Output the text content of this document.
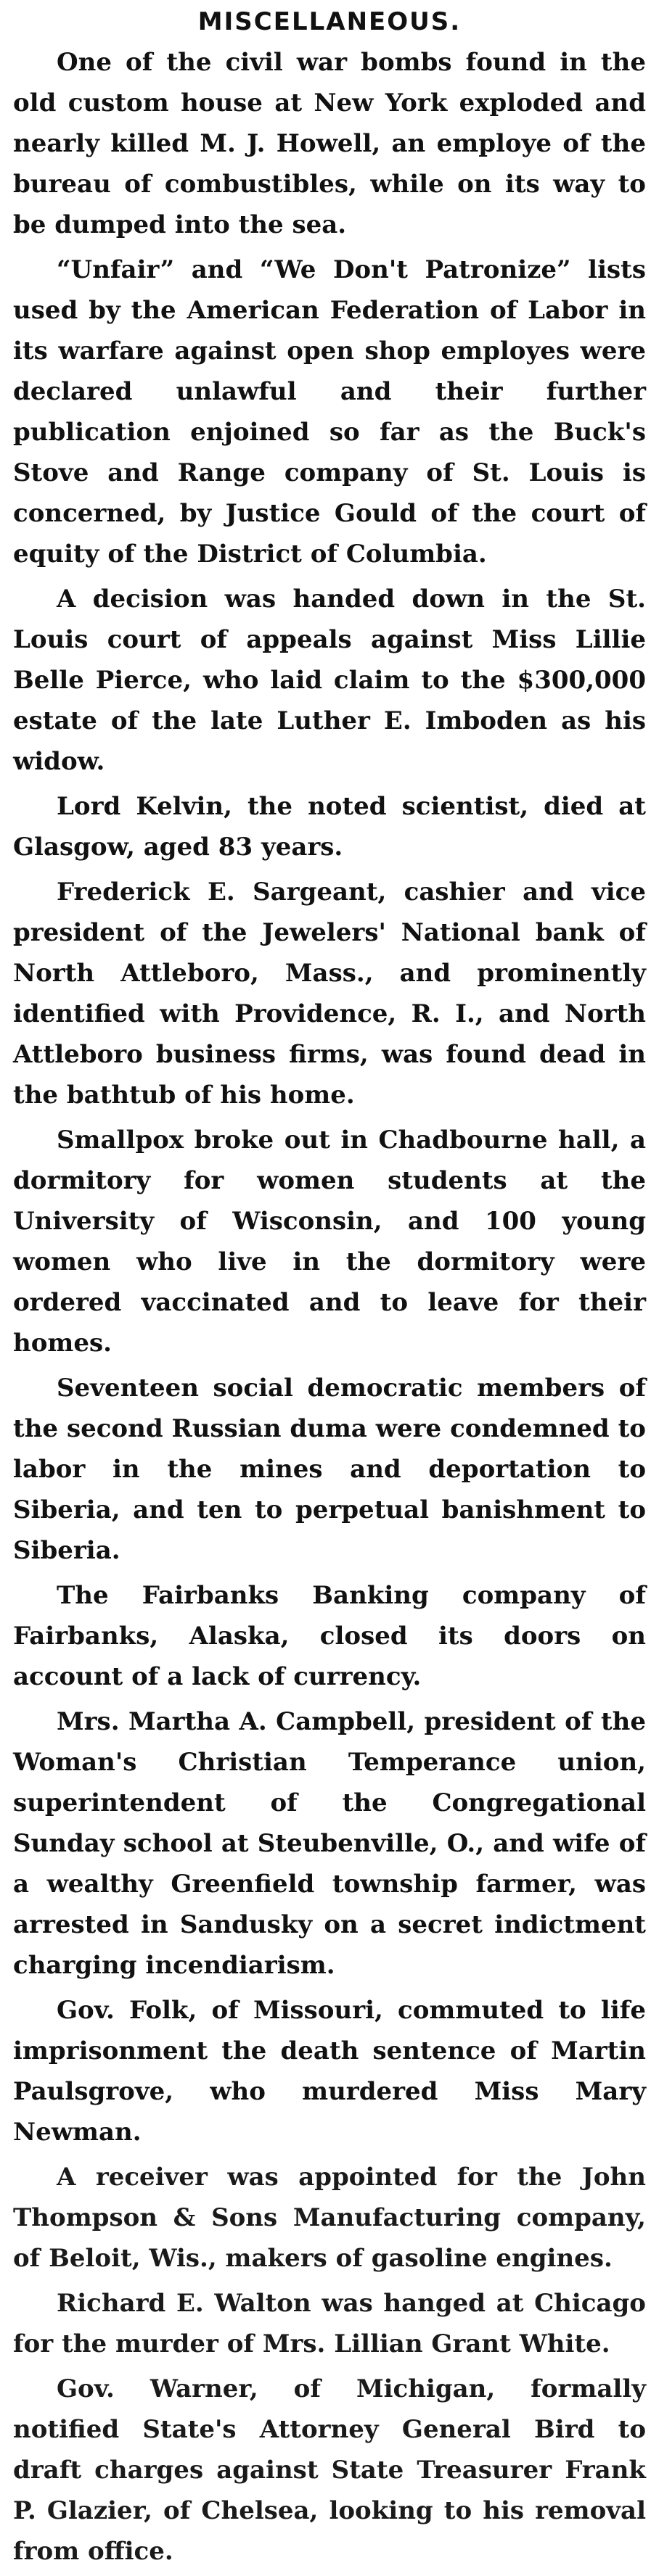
MISCELLANEOUS.

One of the civil war bombs found in the old custom house at New York exploded and nearly killed M. J. Howell, an employe of the bureau of combustibles, while on its way to be dumped into the sea.

“Unfair” and “We Don't Patronize” lists used by the American Federation of Labor in its warfare against open shop employes were declared unlawful and their further publication enjoined so far as the Buck's Stove and Range company of St. Louis is concerned, by Justice Gould of the court of equity of the District of Columbia.

A decision was handed down in the St. Louis court of appeals against Miss Lillie Belle Pierce, who laid claim to the $300,000 estate of the late Luther E. Imboden as his widow.

Lord Kelvin, the noted scientist, died at Glasgow, aged 83 years.

Frederick E. Sargeant, cashier and vice president of the Jewelers' National bank of North Attleboro, Mass., and prominently identified with Providence, R. I., and North Attleboro business firms, was found dead in the bathtub of his home.

Smallpox broke out in Chadbourne hall, a dormitory for women students at the University of Wisconsin, and 100 young women who live in the dormitory were ordered vaccinated and to leave for their homes.

Seventeen social democratic members of the second Russian duma were condemned to labor in the mines and deportation to Siberia, and ten to perpetual banishment to Siberia.

The Fairbanks Banking company of Fairbanks, Alaska, closed its doors on account of a lack of currency.

Mrs. Martha A. Campbell, president of the Woman's Christian Temperance union, superintendent of the Congregational Sunday school at Steubenville, O., and wife of a wealthy Greenfield township farmer, was arrested in Sandusky on a secret indictment charging incendiarism.

Gov. Folk, of Missouri, commuted to life imprisonment the death sentence of Martin Paulsgrove, who murdered Miss Mary Newman.

A receiver was appointed for the John Thompson & Sons Manufacturing company, of Beloit, Wis., makers of gasoline engines.

Richard E. Walton was hanged at Chicago for the murder of Mrs. Lillian Grant White.

Gov. Warner, of Michigan, formally notified State's Attorney General Bird to draft charges against State Treasurer Frank P. Glazier, of Chelsea, looking to his removal from office.
